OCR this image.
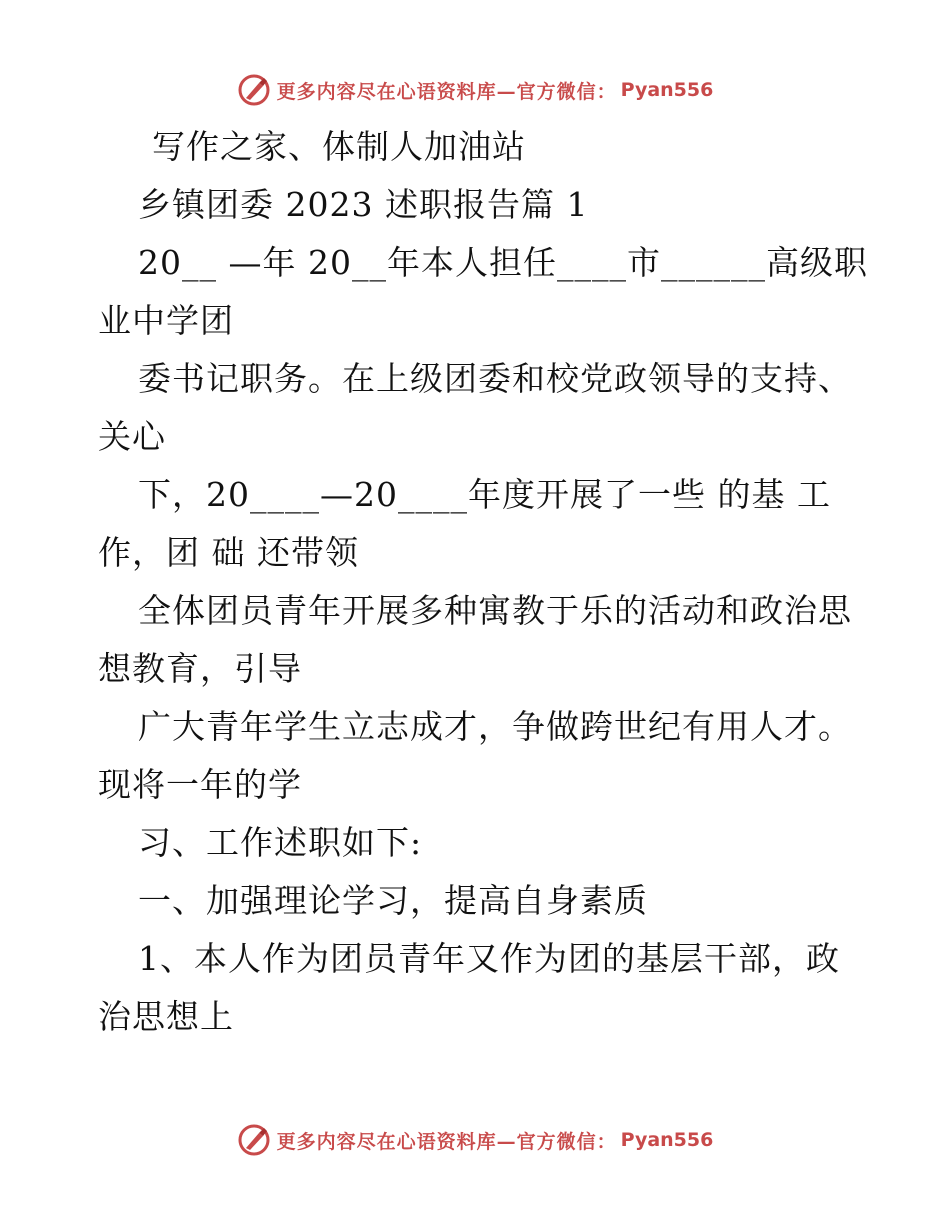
更多内容尽在心语资料库—官方微信： Pyan556
写作之家、体制人加油站
乡镇团委 2023 述职报告篇 1
20__ —年 20__年本人担任____市______高级职
业中学团
委书记职务。在上级团委和校党政领导的支持、
关心
下，20____—20____年度开展了一些 的基 工
作，团 础 还带领
全体团员青年开展多种寓教于乐的活动和政治思
想教育，引导
广大青年学生立志成才，争做跨世纪有用人才。
现将一年的学
习、工作述职如下:
一、加强理论学习，提高自身素质
1、本人作为团员青年又作为团的基层干部，政
治思想上
更多内容尽在心语资料库—官方微信： Pyan556
